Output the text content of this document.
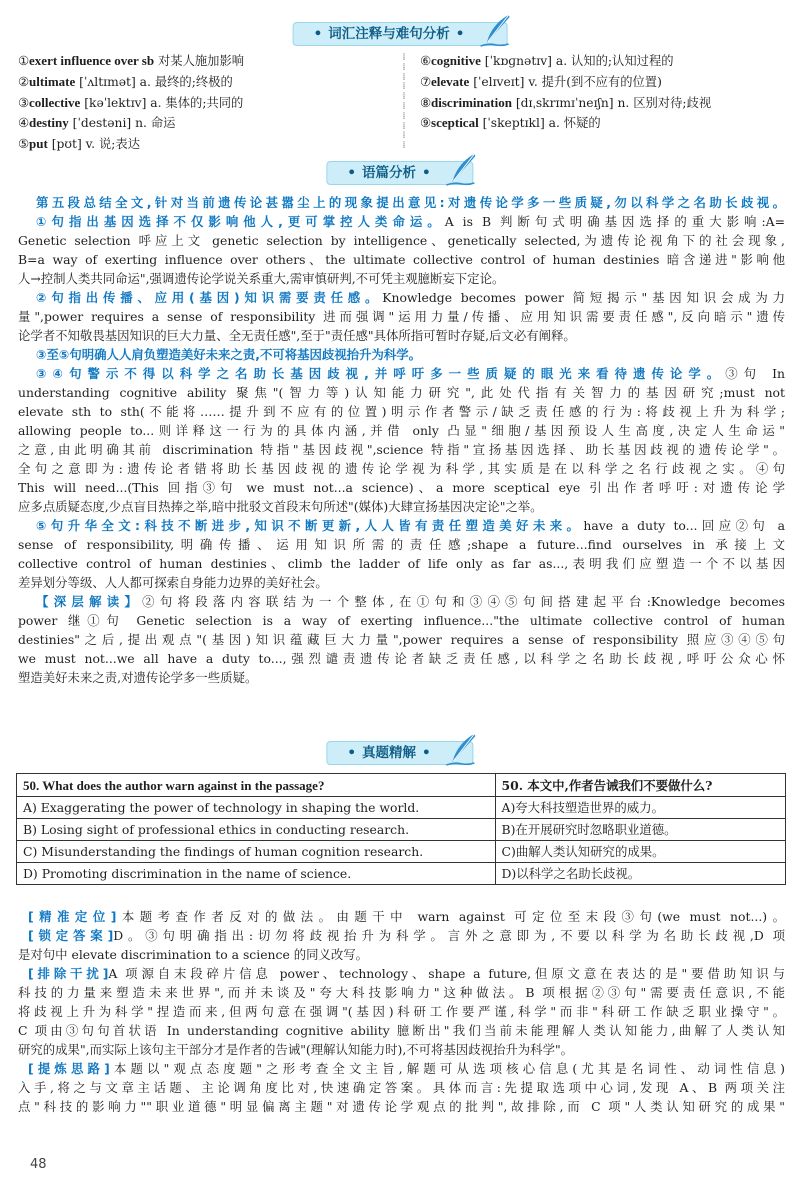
• 词汇注释与难句分析 •
①exert influence over sb 对某人施加影响
②ultimate [ˈʌltɪmət] a. 最终的;终极的
③collective [kəˈlektɪv] a. 集体的;共同的
④destiny [ˈdestəni] n. 命运
⑤put [pʊt] v. 说;表达
⁞
⁞
⁞
⁞
⁞
⁞
⁞
⁞
⁞
⁞
⑥cognitive [ˈkɒɡnətɪv] a. 认知的;认知过程的
⑦elevate [ˈelɪveɪt] v. 提升(到不应有的位置)
⑧discrimination [dɪˌskrɪmɪˈneɪʃn] n. 区别对待;歧视
⑨sceptical [ˈskeptɪkl] a. 怀疑的
• 语篇分析 •
第五段总结全文,针对当前遗传论甚嚣尘上的现象提出意见:对遗传论学多一些质疑,勿以科学之名助长歧视。
①句指出基因选择不仅影响他人,更可掌控人类命运。A is B 判断句式明确基因选择的重大影响:A=
Genetic selection 呼应上文 genetic selection by intelligence、genetically selected,为遗传论视角下的社会现象,
B=a way of exerting influence over others、the ultimate collective control of human destinies 暗含递进"影响他
人→控制人类共同命运",强调遗传论学说关系重大,需审慎研判,不可凭主观臆断妄下定论。
②句指出传播、应用(基因)知识需要责任感。Knowledge becomes power 简短揭示"基因知识会成为力
量",power requires a sense of responsibility 进而强调"运用力量/传播、应用知识需要责任感",反向暗示"遗传
论学者不知敬畏基因知识的巨大力量、全无责任感",至于"责任感"具体所指可暂时存疑,后文必有阐释。
③至⑤句明确人人肩负塑造美好未来之责,不可将基因歧视抬升为科学。
③④句警示不得以科学之名助长基因歧视,并呼吁多一些质疑的眼光来看待遗传论学。③句 In
understanding cognitive ability 聚焦"(智力等)认知能力研究",此处代指有关智力的基因研究;must not
elevate sth to sth(不能将……提升到不应有的位置)明示作者警示/缺乏责任感的行为:将歧视上升为科学;
allowing people to...则详释这一行为的具体内涵,并借 only 凸显"细胞/基因预设人生高度,决定人生命运"
之意,由此明确其前 discrimination 特指"基因歧视",science 特指"宣扬基因选择、助长基因歧视的遗传论学"。
全句之意即为:遗传论者错将助长基因歧视的遗传论学视为科学,其实质是在以科学之名行歧视之实。④句
This will need...(This 回指③句 we must not...a science)、a more sceptical eye 引出作者呼吁:对遗传论学
应多点质疑态度,少点盲目热捧之举,暗中批驳文首段末句所述"(媒体)大肆宣扬基因决定论"之举。
⑤句升华全文:科技不断进步,知识不断更新,人人皆有责任塑造美好未来。have a duty to...回应②句 a
sense of responsibility,明确传播、运用知识所需的责任感;shape a future...find ourselves in 承接上文
collective control of human destinies、climb the ladder of life only as far as...,表明我们应塑造一个不以基因
差异划分等级、人人都可探索自身能力边界的美好社会。
【深层解读】②句将段落内容联结为一个整体,在①句和③④⑤句间搭建起平台:Knowledge becomes
power 继①句 Genetic selection is a way of exerting influence..."the ultimate collective control of human
destinies"之后,提出观点"(基因)知识蕴藏巨大力量",power requires a sense of responsibility 照应③④⑤句
we must not...we all have a duty to...,强烈谴责遗传论者缺乏责任感,以科学之名助长歧视,呼吁公众心怀
塑造美好未来之责,对遗传论学多一些质疑。
• 真题精解 •
50. What does the author warn against in the passage?	50. 本文中,作者告诫我们不要做什么?
A) Exaggerating the power of technology in shaping the world.	A)夸大科技塑造世界的威力。
B) Losing sight of professional ethics in conducting research.	B)在开展研究时忽略职业道德。
C) Misunderstanding the findings of human cognition research.	C)曲解人类认知研究的成果。
D) Promoting discrimination in the name of science.	D)以科学之名助长歧视。
[精准定位]本题考查作者反对的做法。由题干中 warn against 可定位至末段③句(we must not...)。
[锁定答案]D。③句明确指出:切勿将歧视抬升为科学。言外之意即为,不要以科学为名助长歧视,D 项
是对句中 elevate discrimination to a science 的同义改写。
[排除干扰]A 项源自末段碎片信息 power、technology、shape a future,但原文意在表达的是"要借助知识与
科技的力量来塑造未来世界",而并未谈及"夸大科技影响力"这种做法。B 项根据②③句"需要责任意识,不能
将歧视上升为科学"捏造而来,但两句意在强调"(基因)科研工作要严谨,科学"而非"科研工作缺乏职业操守"。
C 项由③句句首状语 In understanding cognitive ability 臆断出"我们当前未能理解人类认知能力,曲解了人类认知
研究的成果",而实际上该句主干部分才是作者的告诫"(理解认知能力时),不可将基因歧视抬升为科学"。
[提炼思路]本题以"观点态度题"之形考查全文主旨,解题可从选项核心信息(尤其是名词性、动词性信息)
入手,将之与文章主话题、主论调角度比对,快速确定答案。具体而言:先提取选项中心词,发现 A、B 两项关注
点"科技的影响力""职业道德"明显偏离主题"对遗传论学观点的批判",故排除,而 C 项"人类认知研究的成果"
48
